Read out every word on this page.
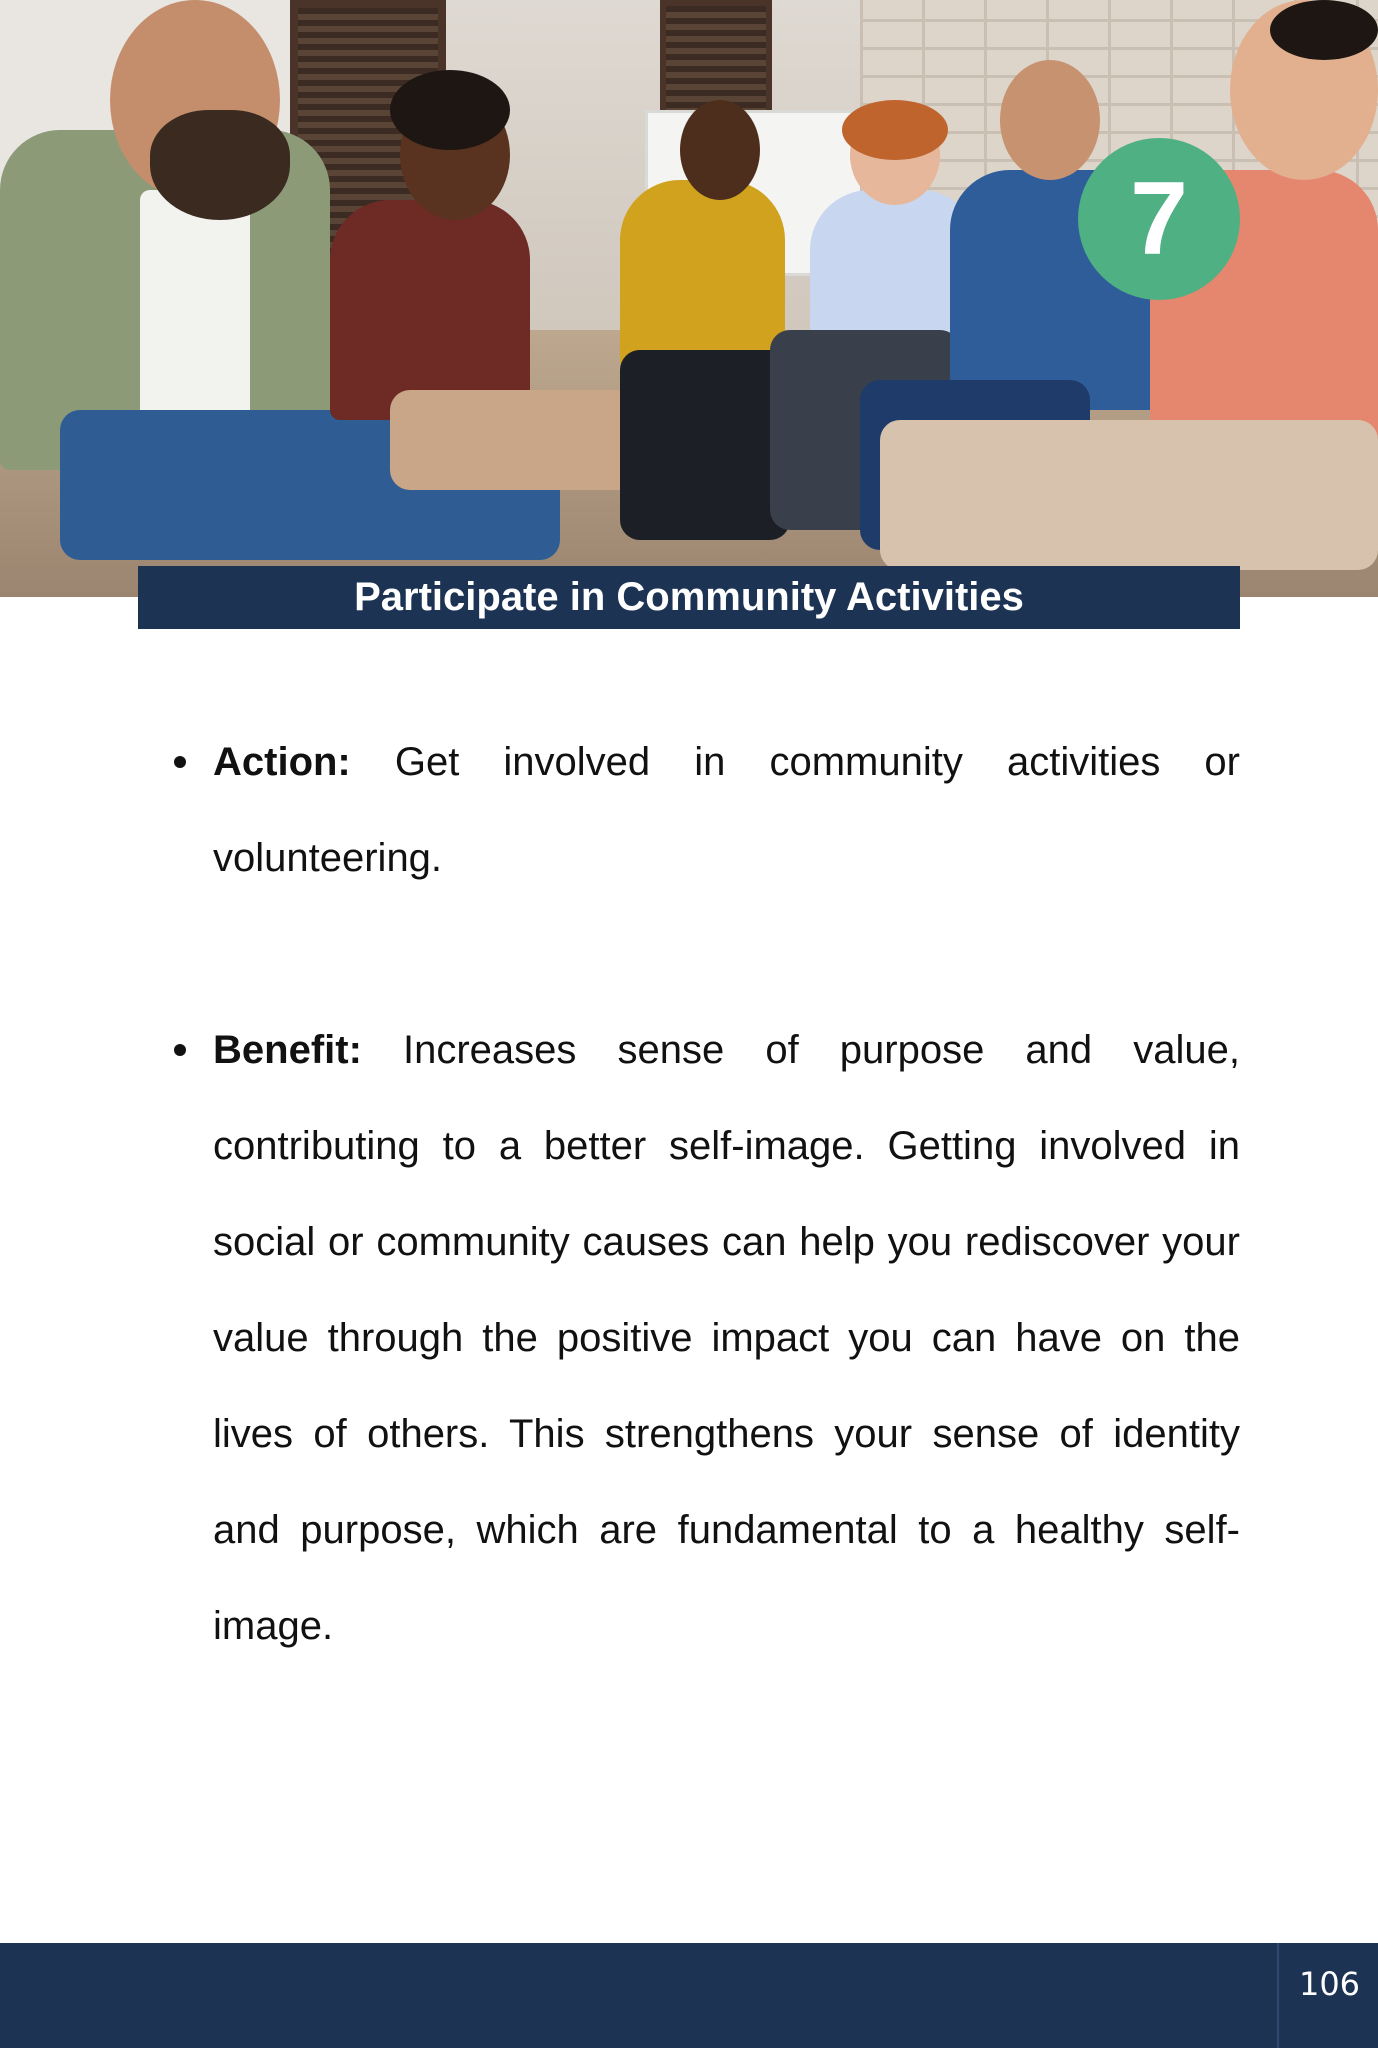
7
Participate in Community Activities
Action: Get involved in community activities or volunteering.
Benefit: Increases sense of purpose and value, contributing to a better self-image. Getting involved in social or community causes can help you rediscover your value through the positive impact you can have on the lives of others. This strengthens your sense of identity and purpose, which are fundamental to a healthy self-image.
106
